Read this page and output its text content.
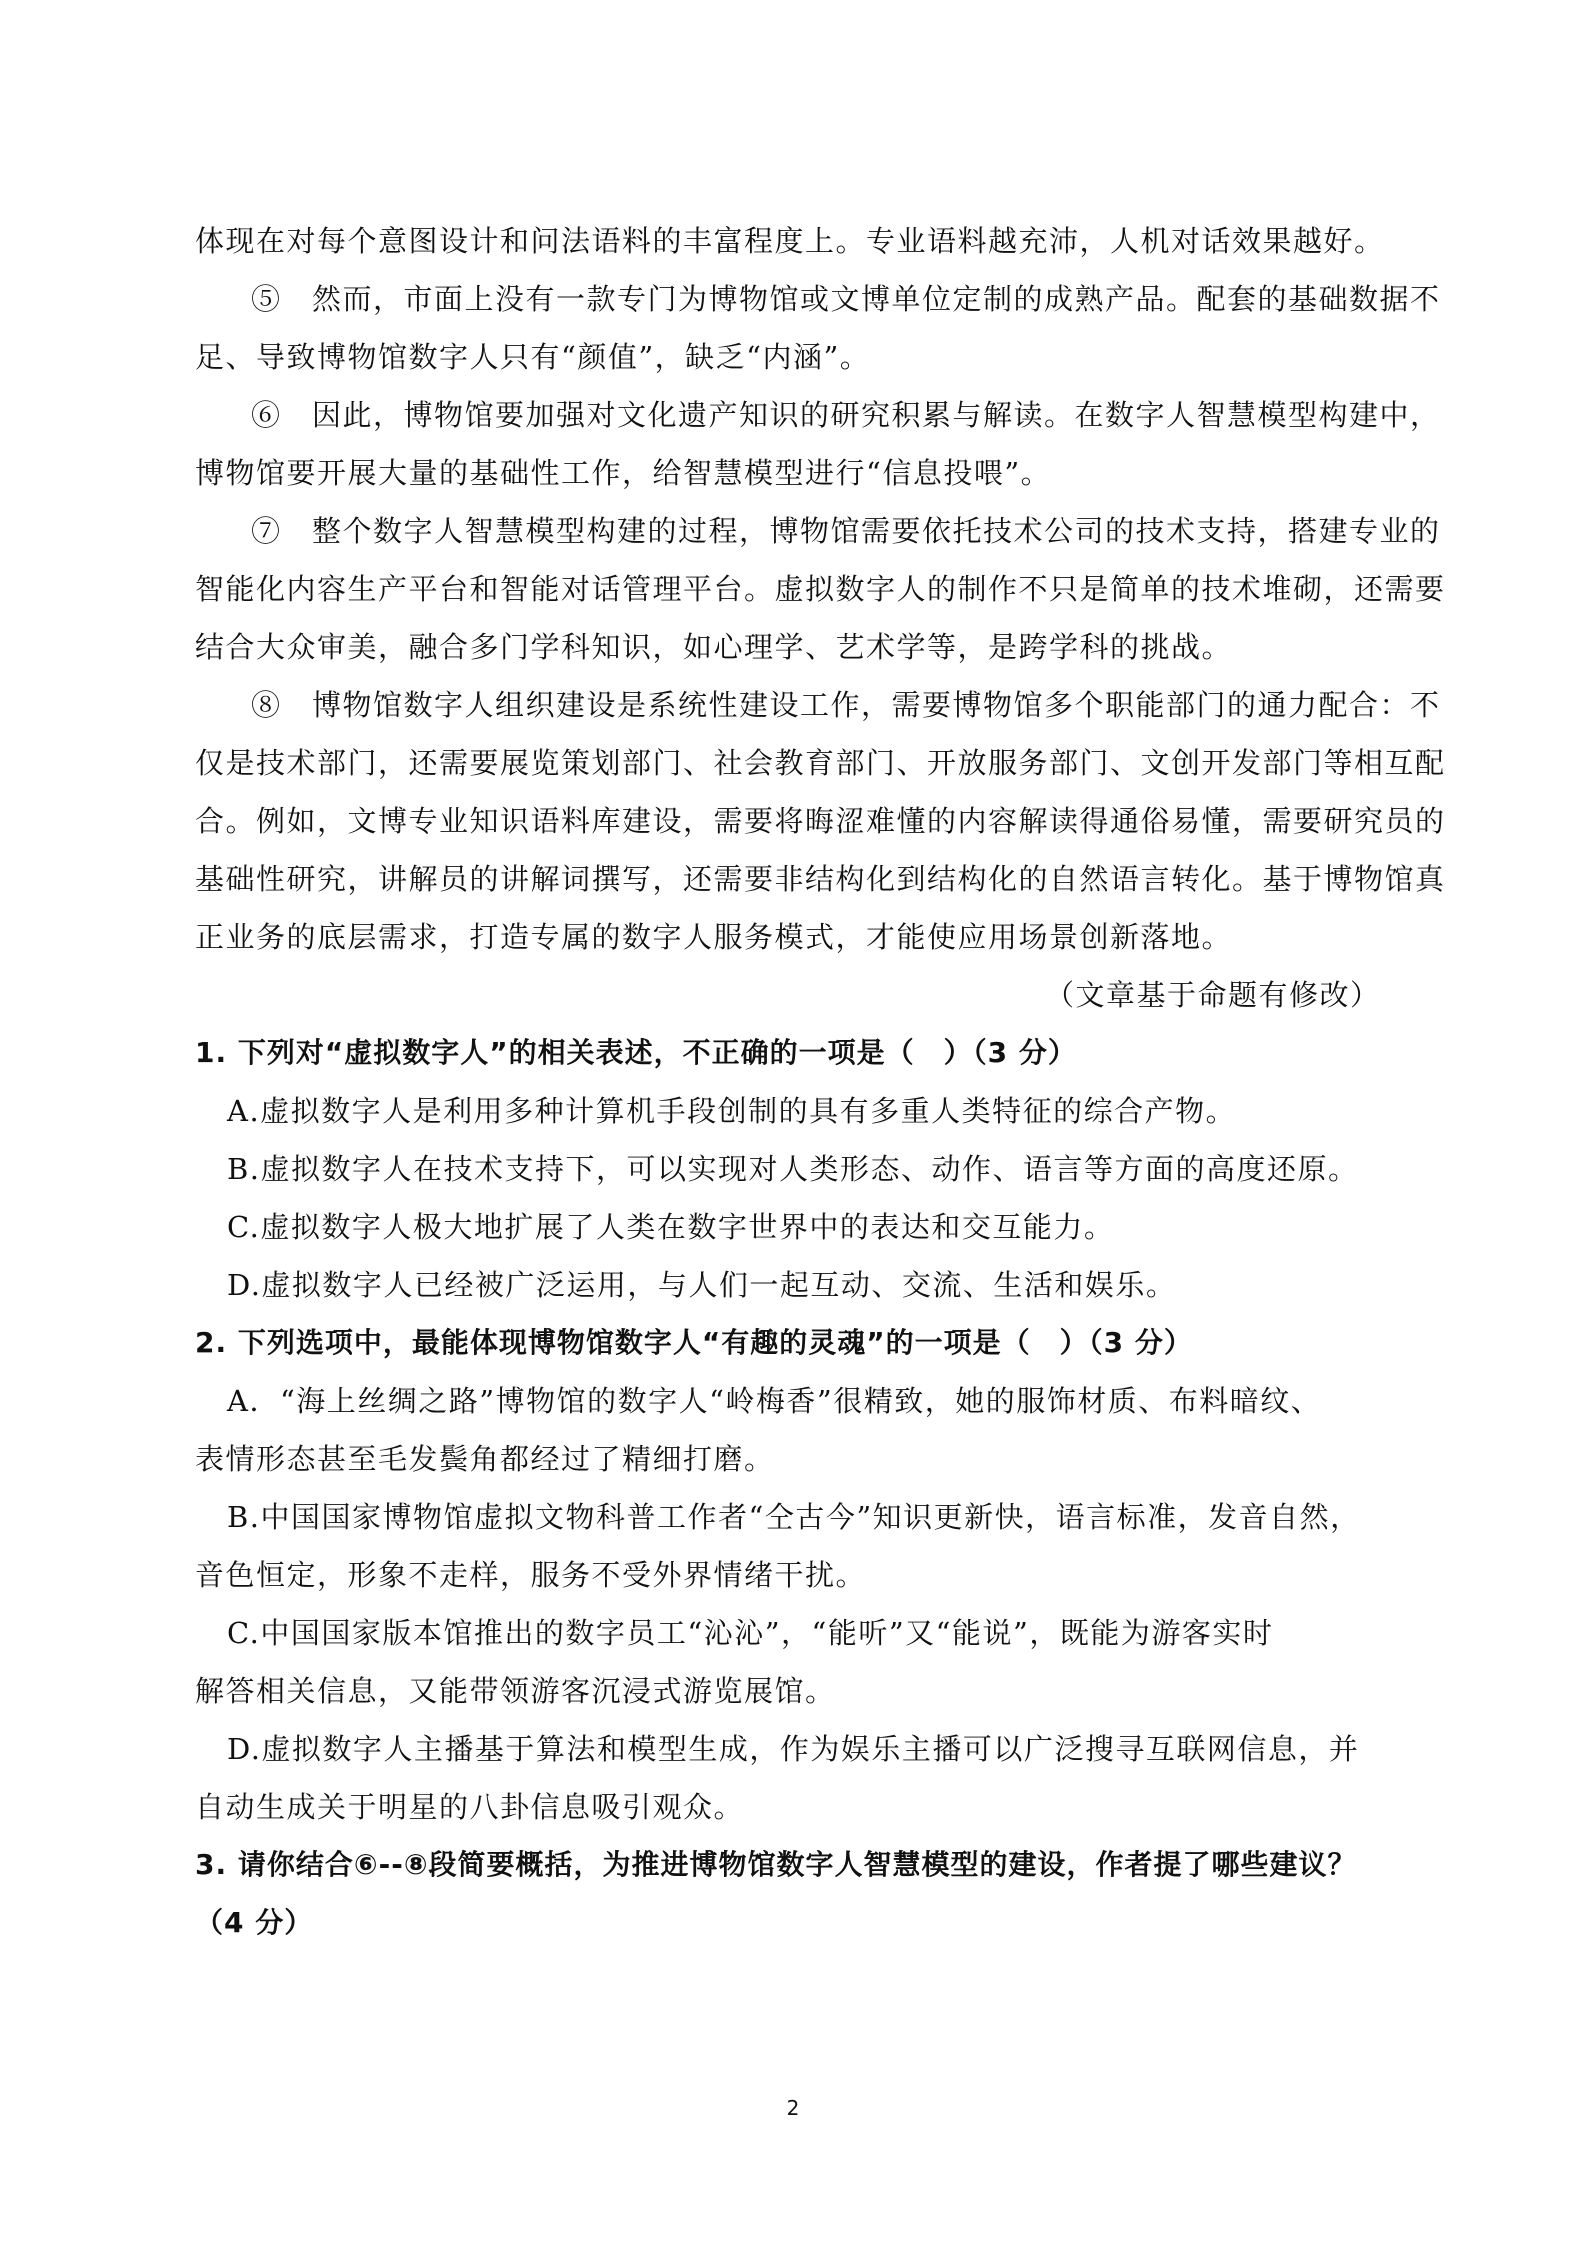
体现在对每个意图设计和问法语料的丰富程度上。专业语料越充沛，人机对话效果越好。
⑤　然而，市面上没有一款专门为博物馆或文博单位定制的成熟产品。配套的基础数据不
足、导致博物馆数字人只有“颜值”，缺乏“内涵”。
⑥　因此，博物馆要加强对文化遗产知识的研究积累与解读。在数字人智慧模型构建中，
博物馆要开展大量的基础性工作，给智慧模型进行“信息投喂”。
⑦　整个数字人智慧模型构建的过程，博物馆需要依托技术公司的技术支持，搭建专业的
智能化内容生产平台和智能对话管理平台。虚拟数字人的制作不只是简单的技术堆砌，还需要
结合大众审美，融合多门学科知识，如心理学、艺术学等，是跨学科的挑战。
⑧　博物馆数字人组织建设是系统性建设工作，需要博物馆多个职能部门的通力配合：不
仅是技术部门，还需要展览策划部门、社会教育部门、开放服务部门、文创开发部门等相互配
合。例如，文博专业知识语料库建设，需要将晦涩难懂的内容解读得通俗易懂，需要研究员的
基础性研究，讲解员的讲解词撰写，还需要非结构化到结构化的自然语言转化。基于博物馆真
正业务的底层需求，打造专属的数字人服务模式，才能使应用场景创新落地。
（文章基于命题有修改）
1. 下列对“虚拟数字人”的相关表述，不正确的一项是（　）（3 分）
A.虚拟数字人是利用多种计算机手段创制的具有多重人类特征的综合产物。
B.虚拟数字人在技术支持下，可以实现对人类形态、动作、语言等方面的高度还原。
C.虚拟数字人极大地扩展了人类在数字世界中的表达和交互能力。
D.虚拟数字人已经被广泛运用，与人们一起互动、交流、生活和娱乐。
2. 下列选项中，最能体现博物馆数字人“有趣的灵魂”的一项是（　）（3 分）
A．“海上丝绸之路”博物馆的数字人“岭梅香”很精致，她的服饰材质、布料暗纹、
表情形态甚至毛发鬓角都经过了精细打磨。
B.中国国家博物馆虚拟文物科普工作者“仝古今”知识更新快，语言标准，发音自然，
音色恒定，形象不走样，服务不受外界情绪干扰。
C.中国国家版本馆推出的数字员工“沁沁”，“能听”又“能说”，既能为游客实时
解答相关信息，又能带领游客沉浸式游览展馆。
D.虚拟数字人主播基于算法和模型生成，作为娱乐主播可以广泛搜寻互联网信息，并
自动生成关于明星的八卦信息吸引观众。
3. 请你结合⑥--⑧段简要概括，为推进博物馆数字人智慧模型的建设，作者提了哪些建议？
（4 分）
2
